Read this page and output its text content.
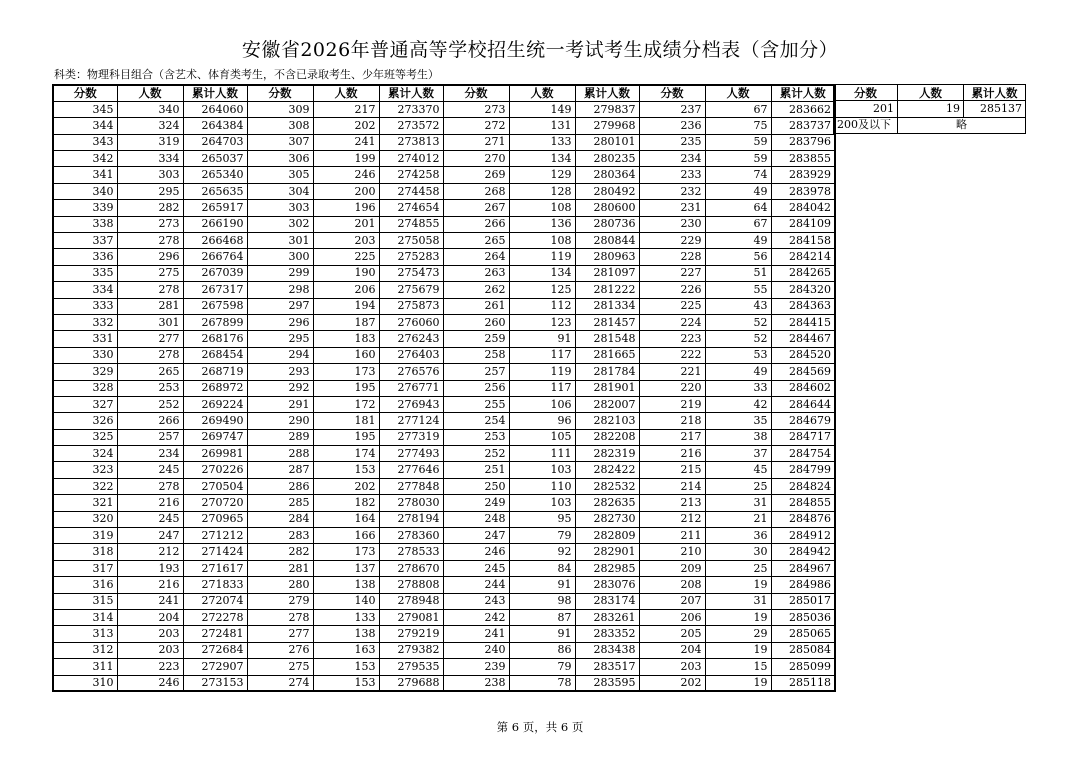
安徽省2026年普通高等学校招生统一考试考生成绩分档表（含加分）
科类：物理科目组合（含艺术、体育类考生，不含已录取考生、少年班等考生）
分数	人数	累计人数	分数	人数	累计人数	分数	人数	累计人数	分数	人数	累计人数
345	340	264060	309	217	273370	273	149	279837	237	67	283662
344	324	264384	308	202	273572	272	131	279968	236	75	283737
343	319	264703	307	241	273813	271	133	280101	235	59	283796
342	334	265037	306	199	274012	270	134	280235	234	59	283855
341	303	265340	305	246	274258	269	129	280364	233	74	283929
340	295	265635	304	200	274458	268	128	280492	232	49	283978
339	282	265917	303	196	274654	267	108	280600	231	64	284042
338	273	266190	302	201	274855	266	136	280736	230	67	284109
337	278	266468	301	203	275058	265	108	280844	229	49	284158
336	296	266764	300	225	275283	264	119	280963	228	56	284214
335	275	267039	299	190	275473	263	134	281097	227	51	284265
334	278	267317	298	206	275679	262	125	281222	226	55	284320
333	281	267598	297	194	275873	261	112	281334	225	43	284363
332	301	267899	296	187	276060	260	123	281457	224	52	284415
331	277	268176	295	183	276243	259	91	281548	223	52	284467
330	278	268454	294	160	276403	258	117	281665	222	53	284520
329	265	268719	293	173	276576	257	119	281784	221	49	284569
328	253	268972	292	195	276771	256	117	281901	220	33	284602
327	252	269224	291	172	276943	255	106	282007	219	42	284644
326	266	269490	290	181	277124	254	96	282103	218	35	284679
325	257	269747	289	195	277319	253	105	282208	217	38	284717
324	234	269981	288	174	277493	252	111	282319	216	37	284754
323	245	270226	287	153	277646	251	103	282422	215	45	284799
322	278	270504	286	202	277848	250	110	282532	214	25	284824
321	216	270720	285	182	278030	249	103	282635	213	31	284855
320	245	270965	284	164	278194	248	95	282730	212	21	284876
319	247	271212	283	166	278360	247	79	282809	211	36	284912
318	212	271424	282	173	278533	246	92	282901	210	30	284942
317	193	271617	281	137	278670	245	84	282985	209	25	284967
316	216	271833	280	138	278808	244	91	283076	208	19	284986
315	241	272074	279	140	278948	243	98	283174	207	31	285017
314	204	272278	278	133	279081	242	87	283261	206	19	285036
313	203	272481	277	138	279219	241	91	283352	205	29	285065
312	203	272684	276	163	279382	240	86	283438	204	19	285084
311	223	272907	275	153	279535	239	79	283517	203	15	285099
310	246	273153	274	153	279688	238	78	283595	202	19	285118
分数	人数	累计人数
201	19	285137
200及以下	略	
第 6 页，共 6 页
